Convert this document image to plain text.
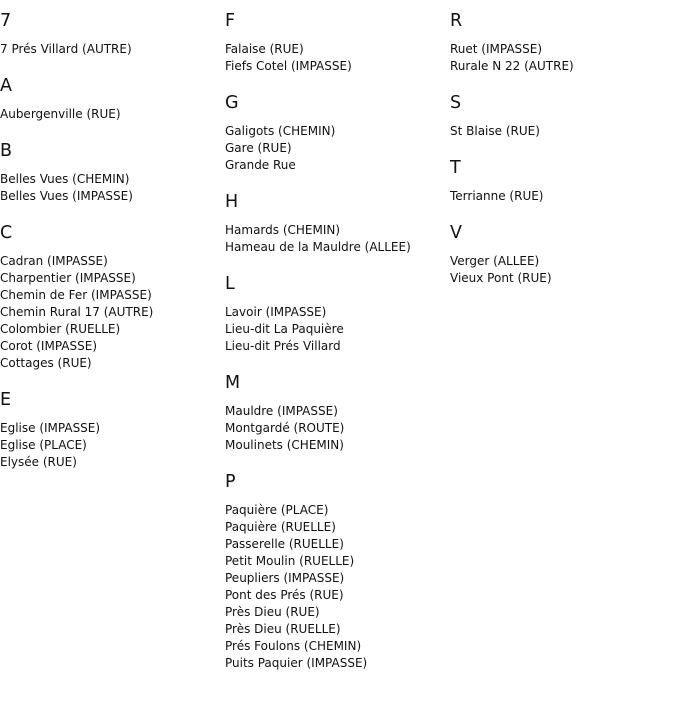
7
7 Prés Villard (AUTRE)
A
Aubergenville (RUE)
B
Belles Vues (CHEMIN)
Belles Vues (IMPASSE)
C
Cadran (IMPASSE)
Charpentier (IMPASSE)
Chemin de Fer (IMPASSE)
Chemin Rural 17 (AUTRE)
Colombier (RUELLE)
Corot (IMPASSE)
Cottages (RUE)
E
Eglise (IMPASSE)
Eglise (PLACE)
Elysée (RUE)
F
Falaise (RUE)
Fiefs Cotel (IMPASSE)
G
Galigots (CHEMIN)
Gare (RUE)
Grande Rue
H
Hamards (CHEMIN)
Hameau de la Mauldre (ALLEE)
L
Lavoir (IMPASSE)
Lieu-dit La Paquière
Lieu-dit Prés Villard
M
Mauldre (IMPASSE)
Montgardé (ROUTE)
Moulinets (CHEMIN)
P
Paquière (PLACE)
Paquière (RUELLE)
Passerelle (RUELLE)
Petit Moulin (RUELLE)
Peupliers (IMPASSE)
Pont des Prés (RUE)
Près Dieu (RUE)
Près Dieu (RUELLE)
Prés Foulons (CHEMIN)
Puits Paquier (IMPASSE)
R
Ruet (IMPASSE)
Rurale N 22 (AUTRE)
S
St Blaise (RUE)
T
Terrianne (RUE)
V
Verger (ALLEE)
Vieux Pont (RUE)
